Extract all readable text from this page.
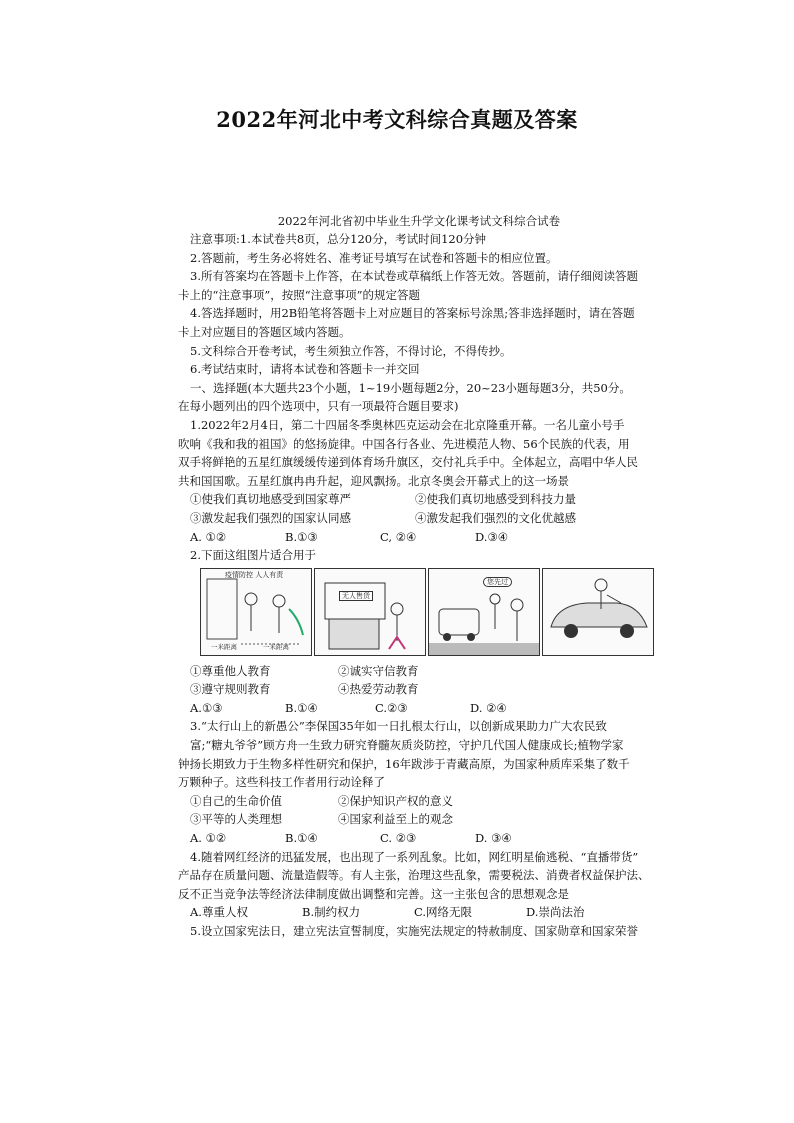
2022年河北中考文科综合真题及答案
2022年河北省初中毕业生升学文化课考试文科综合试卷
注意事项:1.本试卷共8页，总分120分，考试时间120分钟
2.答题前，考生务必将姓名、准考证号填写在试卷和答题卡的相应位置。
3.所有答案均在答题卡上作答，在本试卷或草稿纸上作答无效。答题前，请仔细阅读答题
卡上的“注意事项”，按照“注意事项”的规定答题
4.答选择题时，用2B铅笔将答题卡上对应题目的答案标号涂黑;答非选择题时，请在答题
卡上对应题目的答题区域内答题。
5.文科综合开卷考试，考生须独立作答，不得讨论，不得传抄。
6.考试结束时，请将本试卷和答题卡一并交回
一、选择题(本大题共23个小题，1~19小题每题2分，20~23小题每题3分，共50分。
在每小题列出的四个选项中，只有一项最符合题目要求)
1.2022年2月4日，第二十四届冬季奥林匹克运动会在北京隆重开幕。一名儿童小号手
吹响《我和我的祖国》的悠扬旋律。中国各行各业、先进模范人物、56个民族的代表，用
双手将鲜艳的五星红旗缓缓传递到体育场升旗区，交付礼兵手中。全体起立，高唱中华人民
共和国国歌。五星红旗冉冉升起，迎风飘扬。北京冬奥会开幕式上的这一场景
①使我们真切地感受到国家尊严	②使我们真切地感受到科技力量
③激发起我们强烈的国家认同感	④激发起我们强烈的文化优越感
A. ①②	B.①③	C, ②④	D.③④
2.下面这组图片适合用于
疫情防控 人人有责
一米距离	一米距离
无人售货
您先过
①尊重他人教育	②诚实守信教育
③遵守规则教育	④热爱劳动教育
A.①③	B.①④	C.②③	D. ②④
3.“太行山上的新愚公”李保国35年如一日扎根太行山，以创新成果助力广大农民致
富;“糖丸爷爷”顾方舟一生致力研究脊髓灰质炎防控，守护几代国人健康成长;植物学家
钟扬长期致力于生物多样性研究和保护，16年跋涉于青藏高原，为国家种质库采集了数千
万颗种子。这些科技工作者用行动诠释了
①自己的生命价值	②保护知识产权的意义
③平等的人类理想	④国家利益至上的观念
A. ①②	B.①④	C. ②③	D. ③④
4.随着网红经济的迅猛发展，也出现了一系列乱象。比如，网红明星偷逃税、“直播带货”
产品存在质量问题、流量造假等。有人主张，治理这些乱象，需要税法、消费者权益保护法、
反不正当竞争法等经济法律制度做出调整和完善。这一主张包含的思想观念是
A.尊重人权	B.制约权力	C.网络无限	D.崇尚法治
5.设立国家宪法日，建立宪法宣誓制度，实施宪法规定的特赦制度、国家勋章和国家荣誉
